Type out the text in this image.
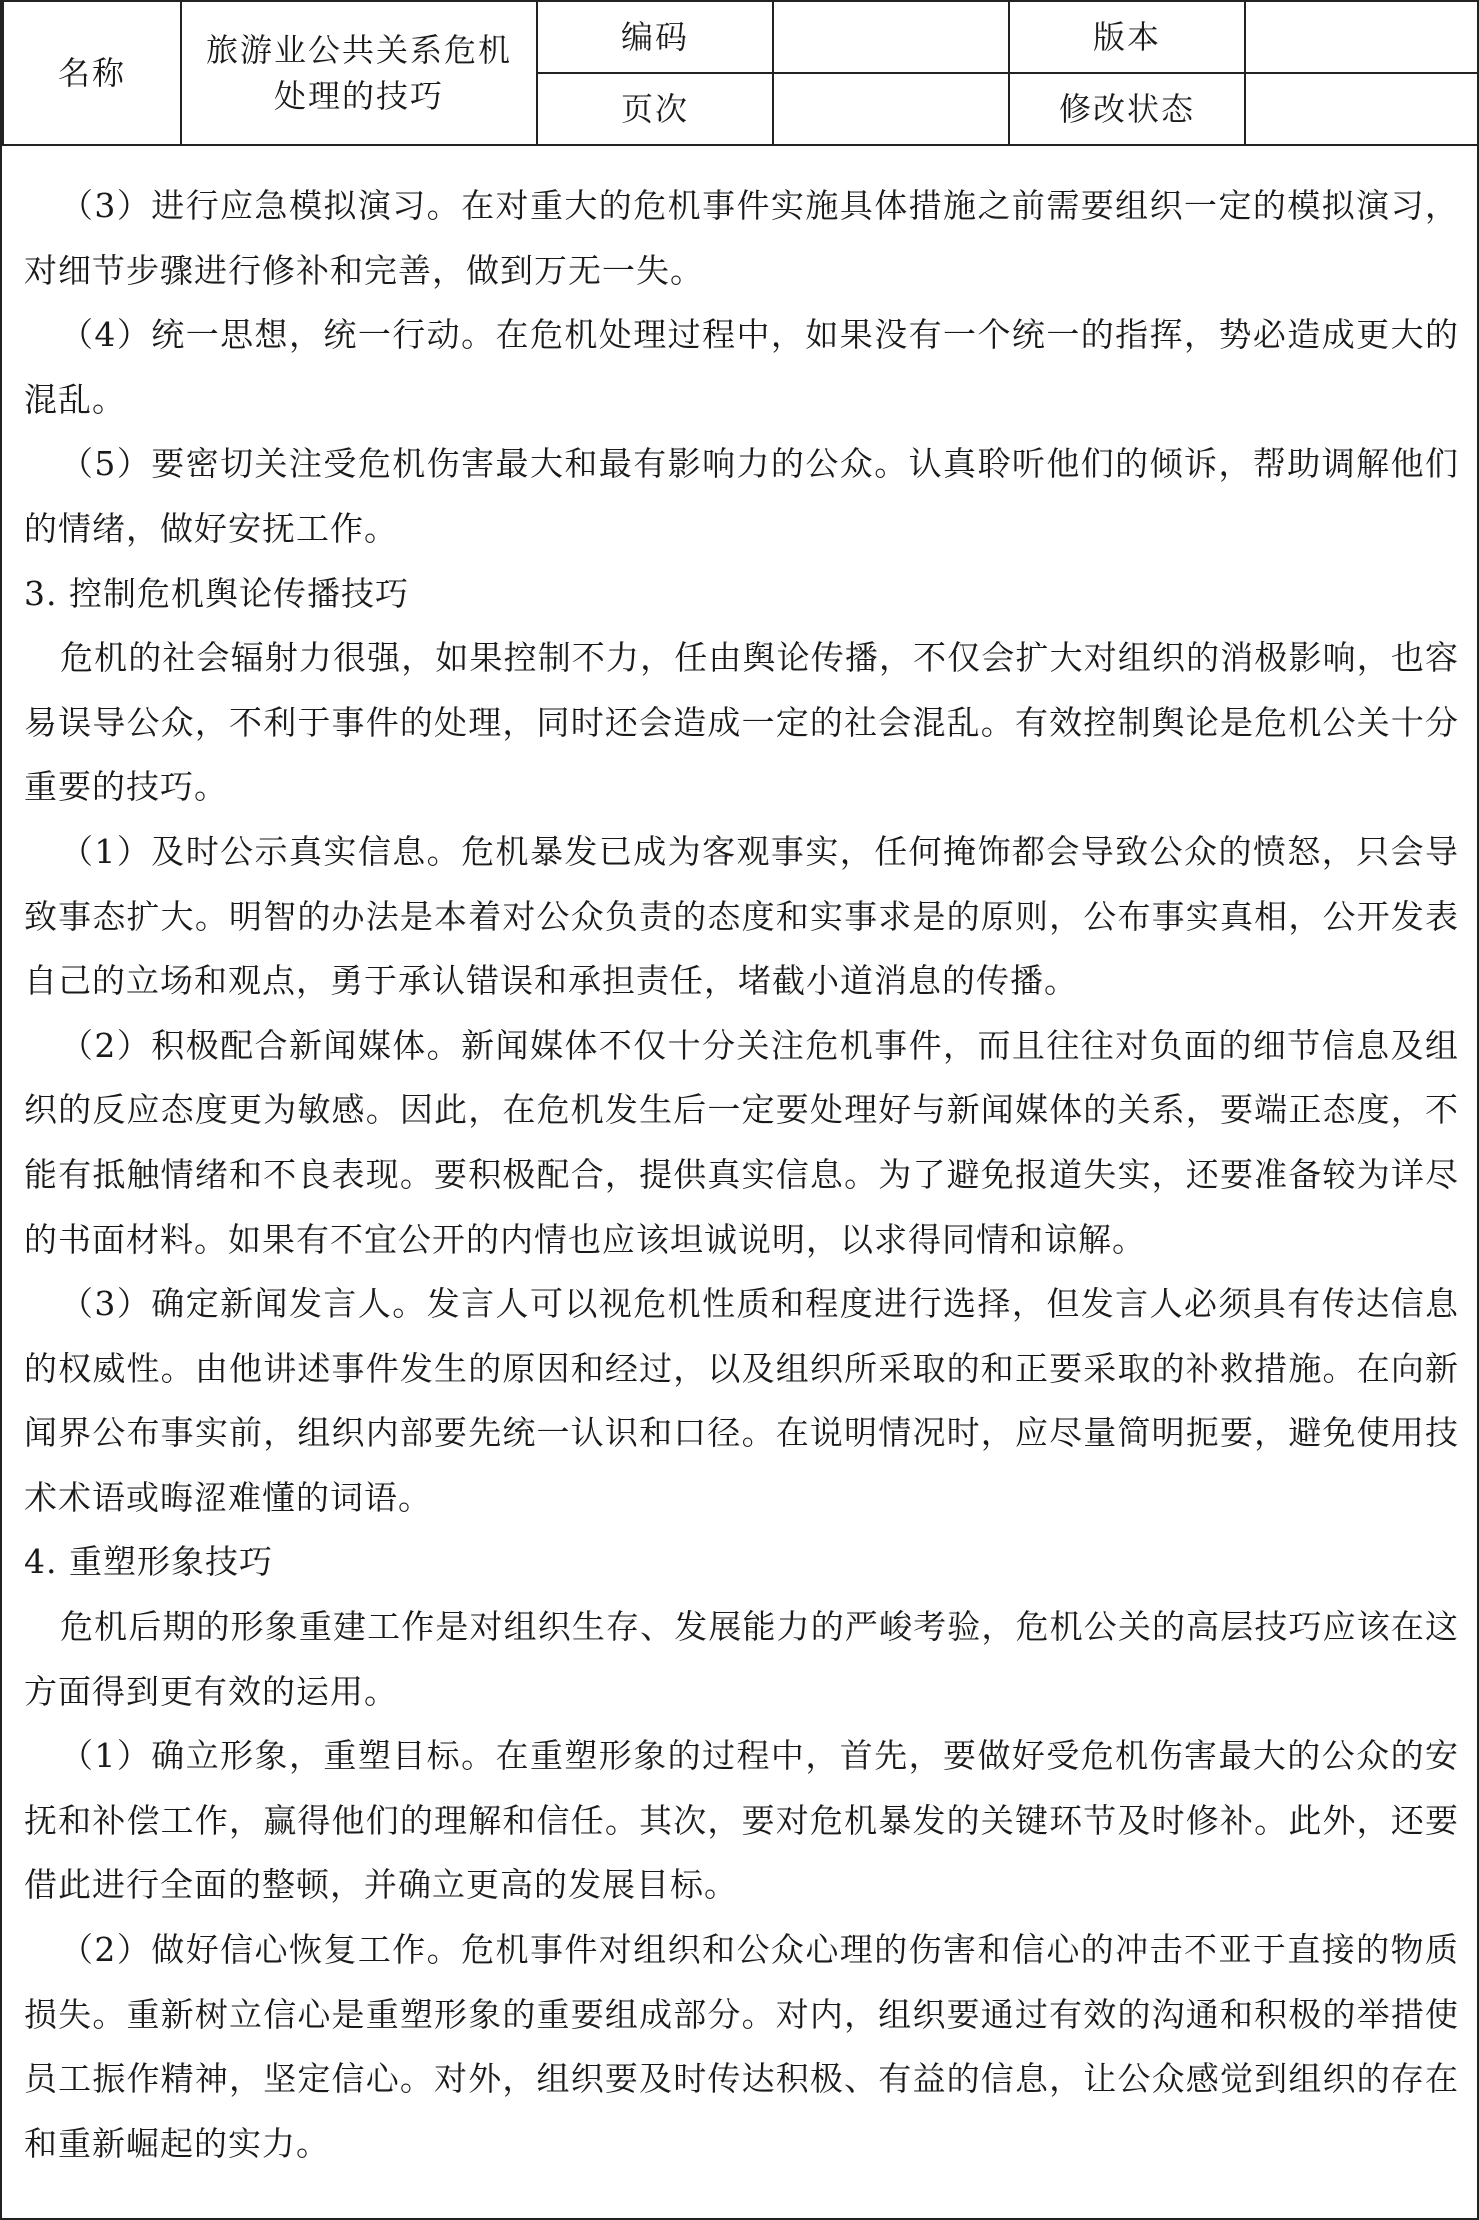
名称	旅游业公共关系危机处理的技巧	编码		版本	
		页次		修改状态	

（3）进行应急模拟演习。在对重大的危机事件实施具体措施之前需要组织一定的模拟演习，对细节步骤进行修补和完善，做到万无一失。

（4）统一思想，统一行动。在危机处理过程中，如果没有一个统一的指挥，势必造成更大的混乱。

（5）要密切关注受危机伤害最大和最有影响力的公众。认真聆听他们的倾诉，帮助调解他们的情绪，做好安抚工作。

3. 控制危机舆论传播技巧

危机的社会辐射力很强，如果控制不力，任由舆论传播，不仅会扩大对组织的消极影响，也容易误导公众，不利于事件的处理，同时还会造成一定的社会混乱。有效控制舆论是危机公关十分重要的技巧。

（1）及时公示真实信息。危机暴发已成为客观事实，任何掩饰都会导致公众的愤怒，只会导致事态扩大。明智的办法是本着对公众负责的态度和实事求是的原则，公布事实真相，公开发表自己的立场和观点，勇于承认错误和承担责任，堵截小道消息的传播。

（2）积极配合新闻媒体。新闻媒体不仅十分关注危机事件，而且往往对负面的细节信息及组织的反应态度更为敏感。因此，在危机发生后一定要处理好与新闻媒体的关系，要端正态度，不能有抵触情绪和不良表现。要积极配合，提供真实信息。为了避免报道失实，还要准备较为详尽的书面材料。如果有不宜公开的内情也应该坦诚说明，以求得同情和谅解。

（3）确定新闻发言人。发言人可以视危机性质和程度进行选择，但发言人必须具有传达信息的权威性。由他讲述事件发生的原因和经过，以及组织所采取的和正要采取的补救措施。在向新闻界公布事实前，组织内部要先统一认识和口径。在说明情况时，应尽量简明扼要，避免使用技术术语或晦涩难懂的词语。

4. 重塑形象技巧

危机后期的形象重建工作是对组织生存、发展能力的严峻考验，危机公关的高层技巧应该在这方面得到更有效的运用。

（1）确立形象，重塑目标。在重塑形象的过程中，首先，要做好受危机伤害最大的公众的安抚和补偿工作，赢得他们的理解和信任。其次，要对危机暴发的关键环节及时修补。此外，还要借此进行全面的整顿，并确立更高的发展目标。

（2）做好信心恢复工作。危机事件对组织和公众心理的伤害和信心的冲击不亚于直接的物质损失。重新树立信心是重塑形象的重要组成部分。对内，组织要通过有效的沟通和积极的举措使员工振作精神，坚定信心。对外，组织要及时传达积极、有益的信息，让公众感觉到组织的存在和重新崛起的实力。
